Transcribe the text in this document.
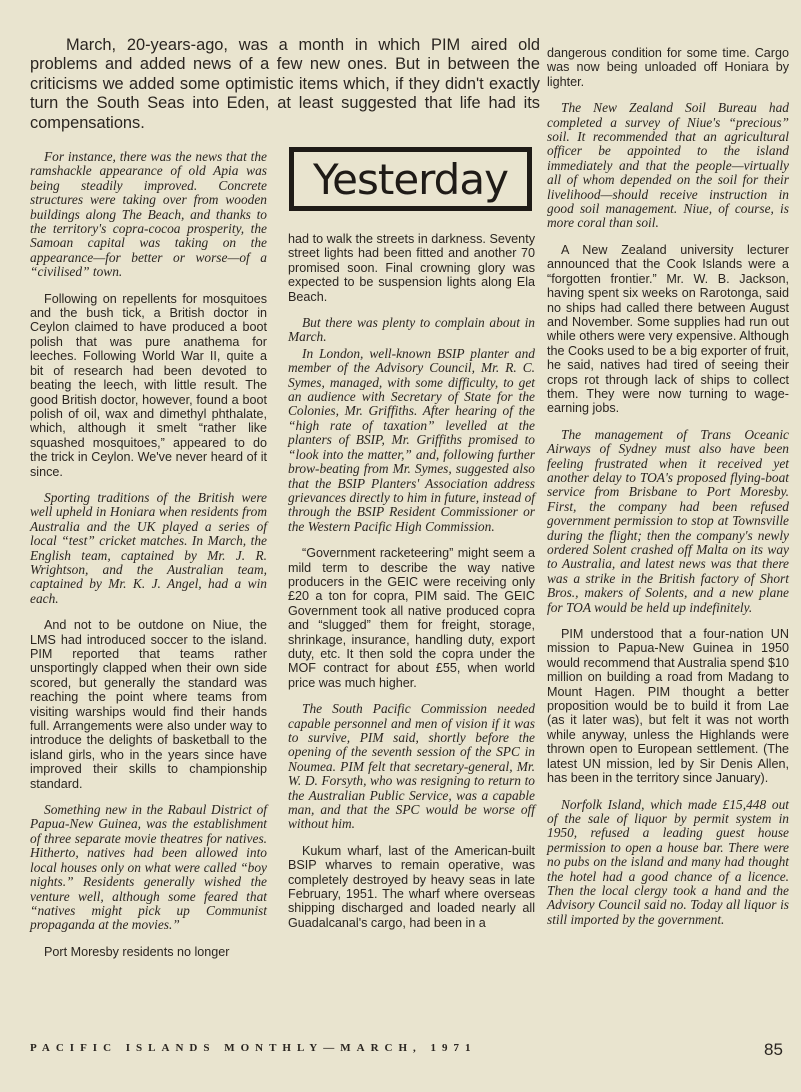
March, 20-years-ago, was a month in which PIM aired old problems and added news of a few new ones. But in between the criticisms we added some optimistic items which, if they didn't exactly turn the South Seas into Eden, at least suggested that life had its compensations.

For instance, there was the news that the ramshackle appearance of old Apia was being steadily improved. Concrete structures were taking over from wooden buildings along The Beach, and thanks to the territory's copra-cocoa prosperity, the Samoan capital was taking on the appearance—for better or worse—of a “civilised” town.

Following on repellents for mosquitoes and the bush tick, a British doctor in Ceylon claimed to have produced a boot polish that was pure anathema for leeches. Following World War II, quite a bit of research had been devoted to beating the leech, with little result. The good British doctor, however, found a boot polish of oil, wax and dimethyl phthalate, which, although it smelt “rather like squashed mosquitoes,” appeared to do the trick in Ceylon. We've never heard of it since.

Sporting traditions of the British were well upheld in Honiara when residents from Australia and the UK played a series of local “test” cricket matches. In March, the English team, captained by Mr. J. R. Wrightson, and the Australian team, captained by Mr. K. J. Angel, had a win each.

And not to be outdone on Niue, the LMS had introduced soccer to the island. PIM reported that teams rather unsportingly clapped when their own side scored, but generally the standard was reaching the point where teams from visiting warships would find their hands full. Arrangements were also under way to introduce the delights of basketball to the island girls, who in the years since have improved their skills to championship standard.

Something new in the Rabaul District of Papua-New Guinea, was the establishment of three separate movie theatres for natives. Hitherto, natives had been allowed into local houses only on what were called “boy nights.” Residents generally wished the venture well, although some feared that “natives might pick up Communist propaganda at the movies.”

Port Moresby residents no longer

Yesterday

had to walk the streets in darkness. Seventy street lights had been fitted and another 70 promised soon. Final crowning glory was expected to be suspension lights along Ela Beach.

But there was plenty to complain about in March.

In London, well-known BSIP planter and member of the Advisory Council, Mr. R. C. Symes, managed, with some difficulty, to get an audience with Secretary of State for the Colonies, Mr. Griffiths. After hearing of the “high rate of taxation” levelled at the planters of BSIP, Mr. Griffiths promised to “look into the matter,” and, following further brow-beating from Mr. Symes, suggested also that the BSIP Planters' Association address grievances directly to him in future, instead of through the BSIP Resident Commissioner or the Western Pacific High Commission.

“Government racketeering” might seem a mild term to describe the way native producers in the GEIC were receiving only £20 a ton for copra, PIM said. The GEIC Government took all native produced copra and “slugged” them for freight, storage, shrinkage, insurance, handling duty, export duty, etc. It then sold the copra under the MOF contract for about £55, when world price was much higher.

The South Pacific Commission needed capable personnel and men of vision if it was to survive, PIM said, shortly before the opening of the seventh session of the SPC in Noumea. PIM felt that secretary-general, Mr. W. D. Forsyth, who was resigning to return to the Australian Public Service, was a capable man, and that the SPC would be worse off without him.

Kukum wharf, last of the American-built BSIP wharves to remain operative, was completely destroyed by heavy seas in late February, 1951. The wharf where overseas shipping discharged and loaded nearly all Guadalcanal's cargo, had been in a

dangerous condition for some time. Cargo was now being unloaded off Honiara by lighter.

The New Zealand Soil Bureau had completed a survey of Niue's “precious” soil. It recommended that an agricultural officer be appointed to the island immediately and that the people—virtually all of whom depended on the soil for their livelihood—should receive instruction in good soil management. Niue, of course, is more coral than soil.

A New Zealand university lecturer announced that the Cook Islands were a “forgotten frontier.” Mr. W. B. Jackson, having spent six weeks on Rarotonga, said no ships had called there between August and November. Some supplies had run out while others were very expensive. Although the Cooks used to be a big exporter of fruit, he said, natives had tired of seeing their crops rot through lack of ships to collect them. They were now turning to wage-earning jobs.

The management of Trans Oceanic Airways of Sydney must also have been feeling frustrated when it received yet another delay to TOA's proposed flying-boat service from Brisbane to Port Moresby. First, the company had been refused government permission to stop at Townsville during the flight; then the company's newly ordered Solent crashed off Malta on its way to Australia, and latest news was that there was a strike in the British factory of Short Bros., makers of Solents, and a new plane for TOA would be held up indefinitely.

PIM understood that a four-nation UN mission to Papua-New Guinea in 1950 would recommend that Australia spend $10 million on building a road from Madang to Mount Hagen. PIM thought a better proposition would be to build it from Lae (as it later was), but felt it was not worth while anyway, unless the Highlands were thrown open to European settlement. (The latest UN mission, led by Sir Denis Allen, has been in the territory since January).

Norfolk Island, which made £15,448 out of the sale of liquor by permit system in 1950, refused a leading guest house permission to open a house bar. There were no pubs on the island and many had thought the hotel had a good chance of a licence. Then the local clergy took a hand and the Advisory Council said no. Today all liquor is still imported by the government.

PACIFIC ISLANDS MONTHLY—MARCH, 1971	85
